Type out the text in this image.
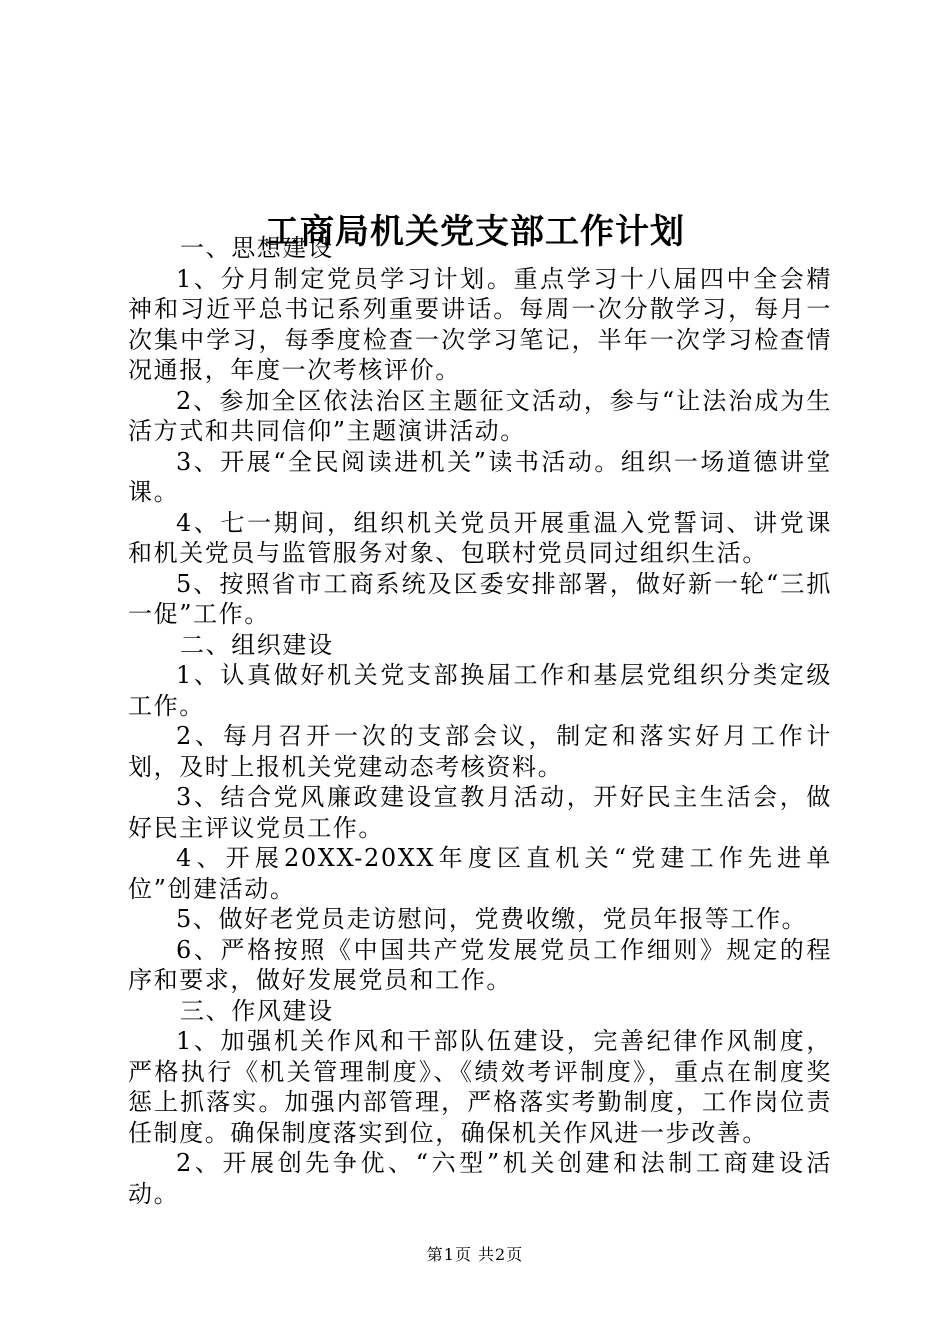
工商局机关党支部工作计划

一、思想建设

1、分月制定党员学习计划。重点学习十八届四中全会精神和习近平总书记系列重要讲话。每周一次分散学习，每月一次集中学习，每季度检查一次学习笔记，半年一次学习检查情况通报，年度一次考核评价。

2、参加全区依法治区主题征文活动，参与“让法治成为生活方式和共同信仰”主题演讲活动。

3、开展“全民阅读进机关”读书活动。组织一场道德讲堂课。

4、七一期间，组织机关党员开展重温入党誓词、讲党课和机关党员与监管服务对象、包联村党员同过组织生活。

5、按照省市工商系统及区委安排部署，做好新一轮“三抓一促”工作。

二、组织建设

1、认真做好机关党支部换届工作和基层党组织分类定级工作。

2、每月召开一次的支部会议，制定和落实好月工作计划，及时上报机关党建动态考核资料。

3、结合党风廉政建设宣教月活动，开好民主生活会，做好民主评议党员工作。

4、开展20XX-20XX年度区直机关“党建工作先进单位”创建活动。

5、做好老党员走访慰问，党费收缴，党员年报等工作。

6、严格按照《中国共产党发展党员工作细则》规定的程序和要求，做好发展党员和工作。

三、作风建设

1、加强机关作风和干部队伍建设，完善纪律作风制度，严格执行《机关管理制度》、《绩效考评制度》，重点在制度奖惩上抓落实。加强内部管理，严格落实考勤制度，工作岗位责任制度。确保制度落实到位，确保机关作风进一步改善。

2、开展创先争优、“六型”机关创建和法制工商建设活动。

第1页 共2页
